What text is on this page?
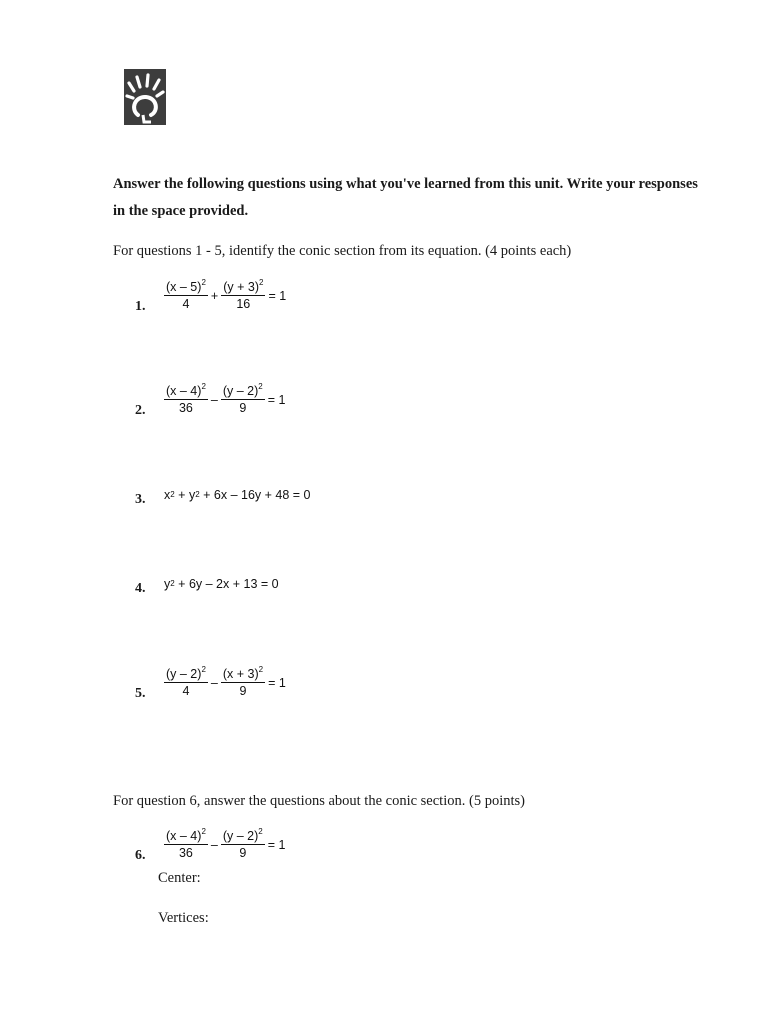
Answer the following questions using what you've learned from this unit. Write your responses in the space provided.
For questions 1 - 5, identify the conic section from its equation. (4 points each)
1. $\frac{(x - 5)^2}{4} + \frac{(y + 3)^2}{16} = 1$
2. $\frac{(x - 4)^2}{36} - \frac{(y - 2)^2}{9} = 1$
3. x 2 + y 2 + 6x – 16y + 48 = 0
4. y 2 + 6y – 2x + 13 = 0
5. $\frac{(y - 2)^2}{4} - \frac{(x + 3)^2}{9} = 1$
For question 6, answer the questions about the conic section. (5 points)
6. $\frac{(x - 4)^2}{36} - \frac{(y - 2)^2}{9} = 1$
Center:
Vertices:
